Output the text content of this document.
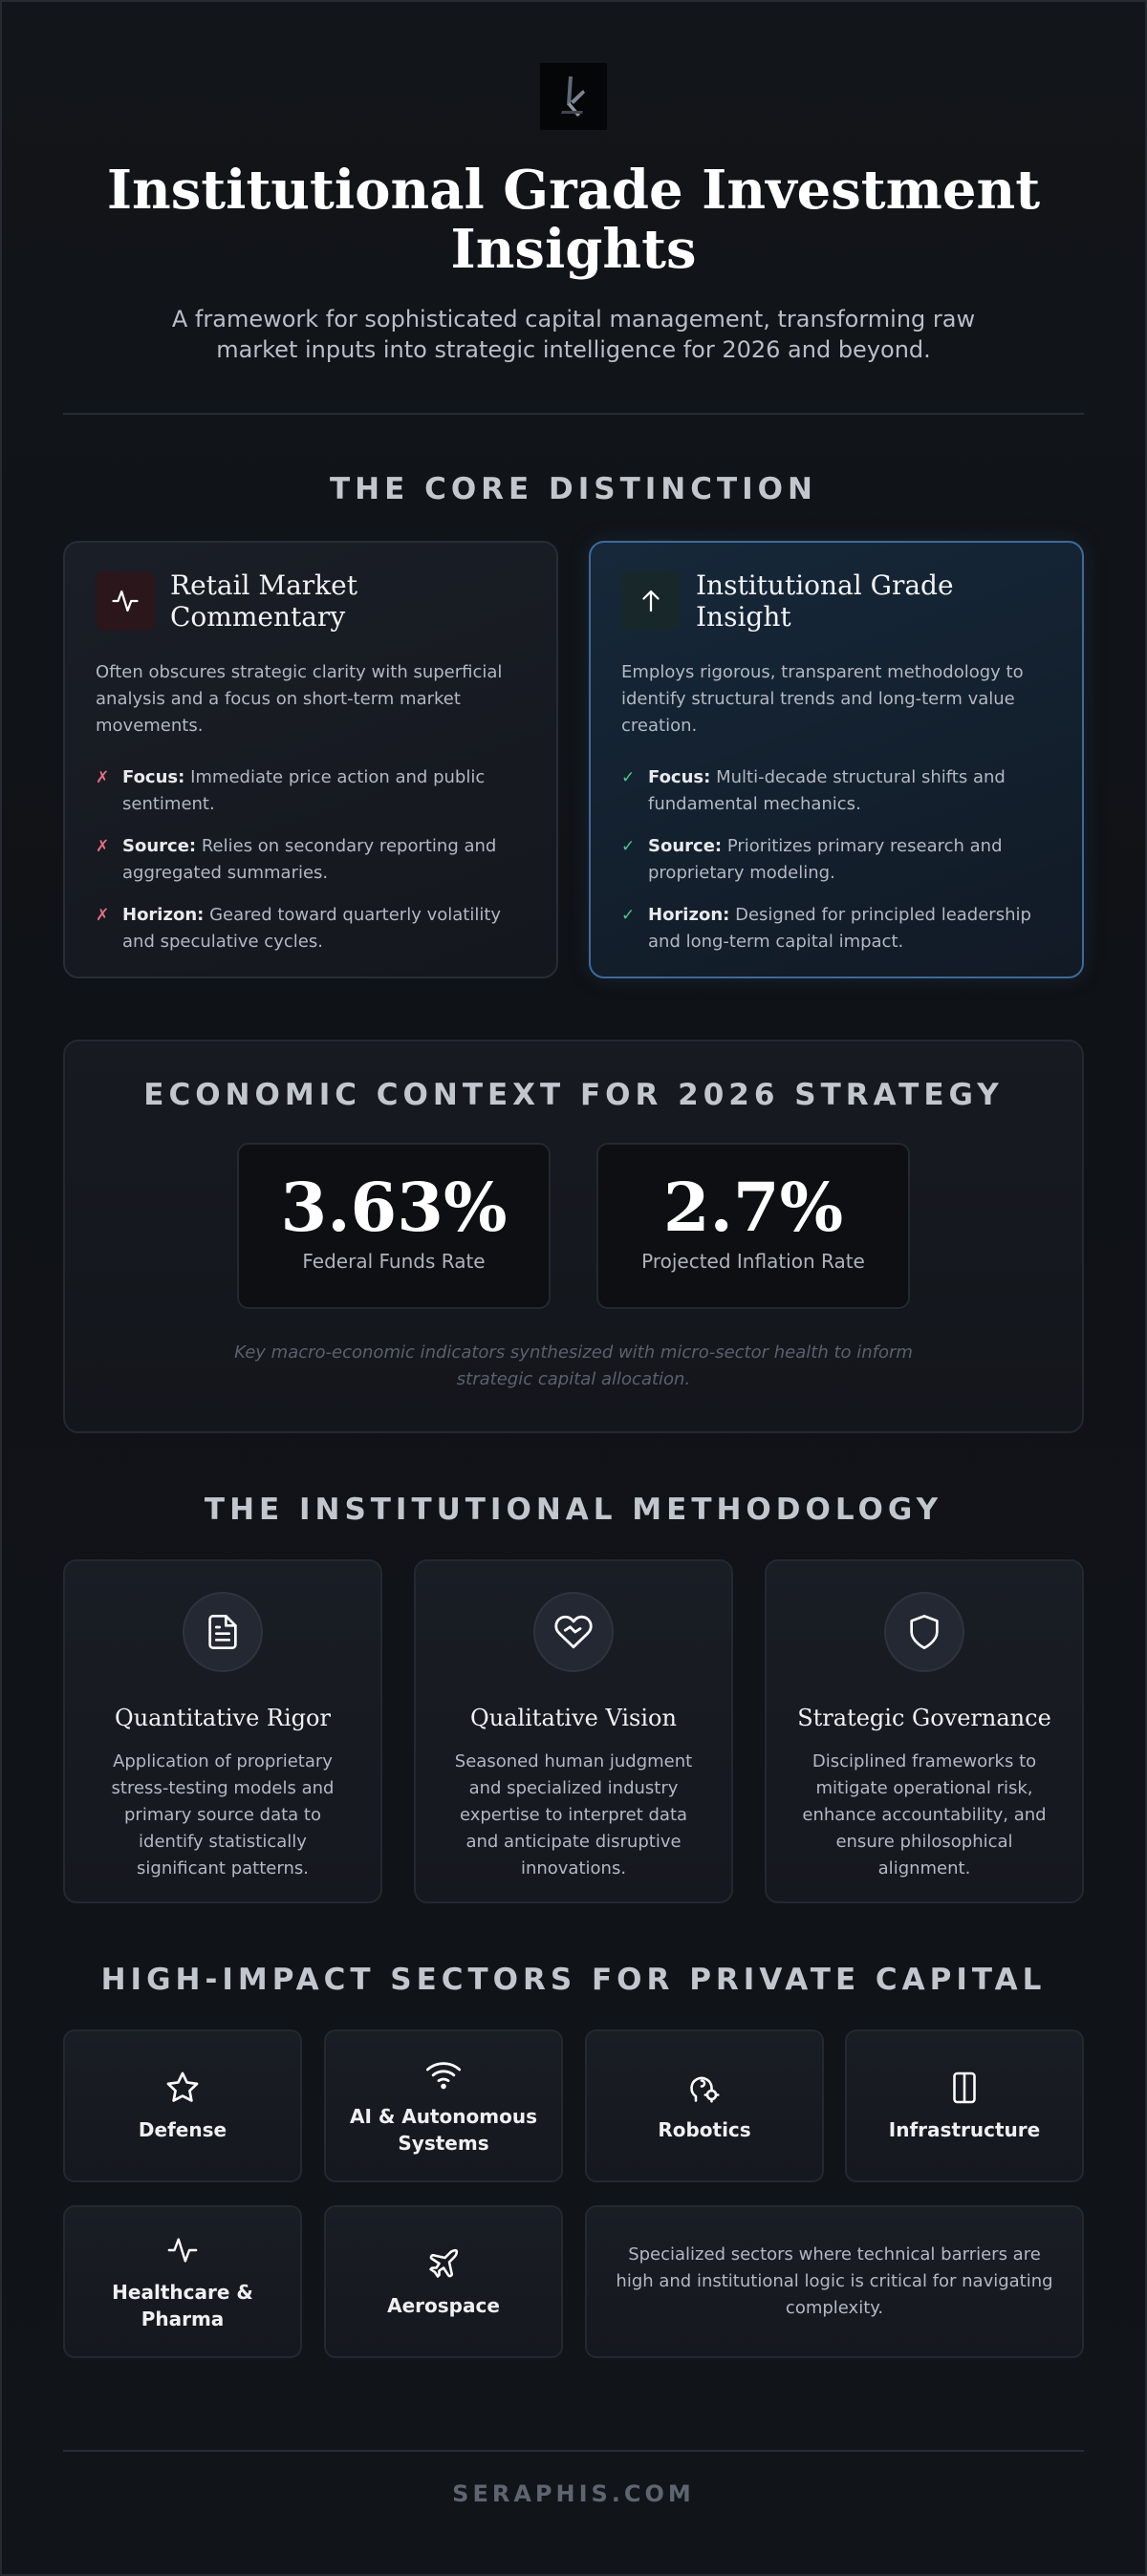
Institutional Grade Investment Insights
A framework for sophisticated capital management, transforming raw market inputs into strategic intelligence for 2026 and beyond.
THE CORE DISTINCTION
Retail Market Commentary
Often obscures strategic clarity with superficial analysis and a focus on short-term market movements.
✗ Focus: Immediate price action and public sentiment.
✗ Source: Relies on secondary reporting and aggregated summaries.
✗ Horizon: Geared toward quarterly volatility and speculative cycles.
Institutional Grade Insight
Employs rigorous, transparent methodology to identify structural trends and long-term value creation.
✓ Focus: Multi-decade structural shifts and fundamental mechanics.
✓ Source: Prioritizes primary research and proprietary modeling.
✓ Horizon: Designed for principled leadership and long-term capital impact.
ECONOMIC CONTEXT FOR 2026 STRATEGY
3.63%
Federal Funds Rate
2.7%
Projected Inflation Rate
Key macro-economic indicators synthesized with micro-sector health to inform strategic capital allocation.
THE INSTITUTIONAL METHODOLOGY
Quantitative Rigor
Application of proprietary stress-testing models and primary source data to identify statistically significant patterns.
Qualitative Vision
Seasoned human judgment and specialized industry expertise to interpret data and anticipate disruptive innovations.
Strategic Governance
Disciplined frameworks to mitigate operational risk, enhance accountability, and ensure philosophical alignment.
HIGH-IMPACT SECTORS FOR PRIVATE CAPITAL
Defense
AI & Autonomous Systems
Robotics	Infrastructure
Healthcare & Pharma
Aerospace
Specialized sectors where technical barriers are high and institutional logic is critical for navigating complexity.
SERAPHIS.COM
